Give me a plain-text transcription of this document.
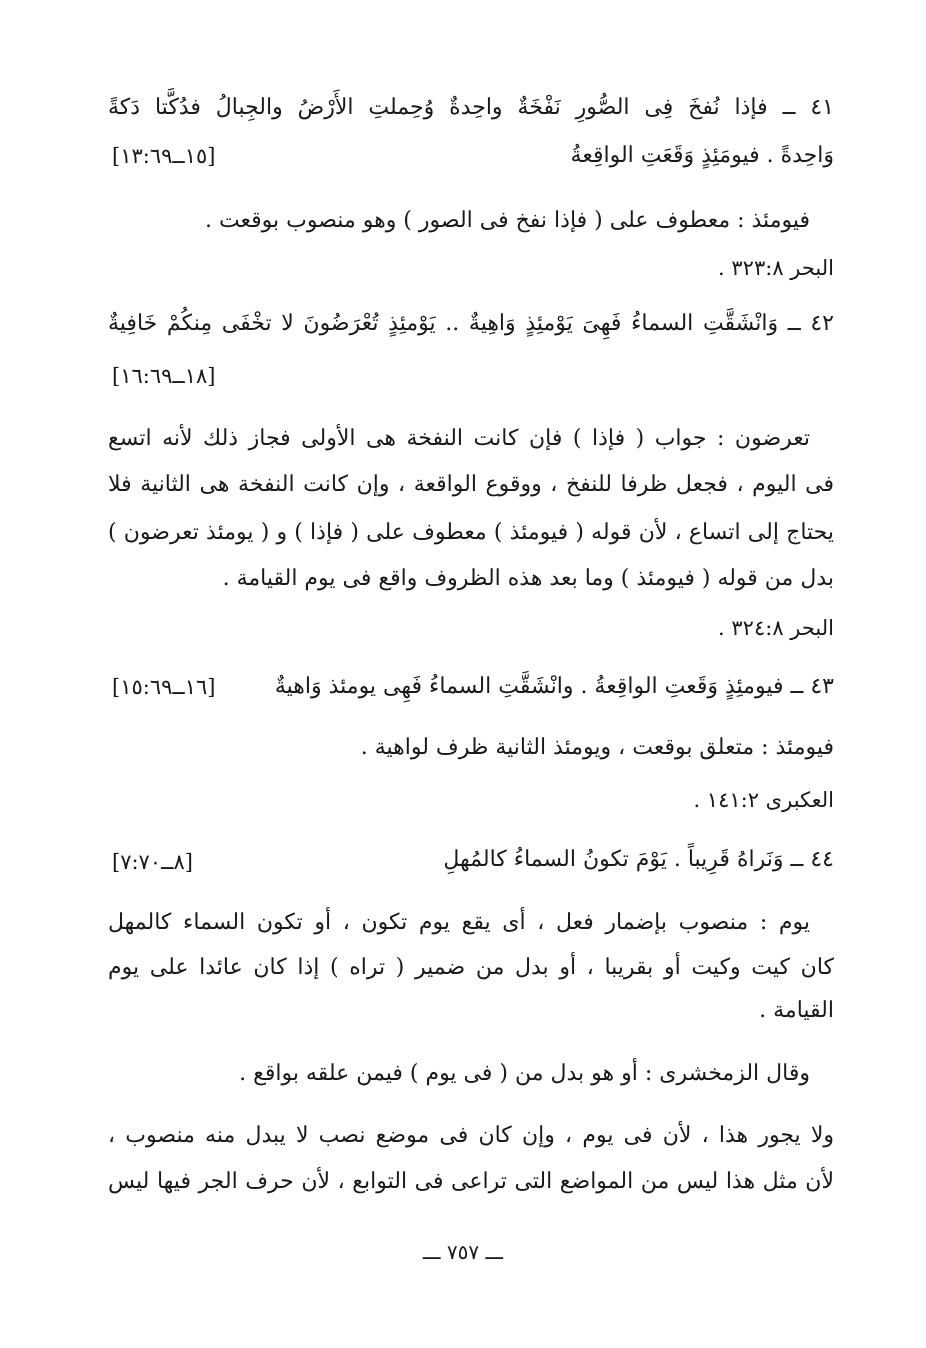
٤١ ــ فإذا نُفخَ فِى الصُّورِ نَفْخَةٌ واحِدةٌ وُحِملتِ الأَرْضُ والجِبالُ فدُكَّتا دَكةً

وَاحِدةً . فيومَئِذٍ وَقَعَتِ الواقِعةُ

[١٥ــ١٣:٦٩]

فيومئذ : معطوف على ( فإذا نفخ فى الصور ) وهو منصوب بوقعت .

البحر ٣٢٣:٨ .

٤٢ ــ وَانْشَقَّتِ السماءُ فَهِىَ يَوْمئِذٍ وَاهِيةٌ .. يَوْمئِذٍ تُعْرَضُونَ لا تخْفَى مِنكُمْ خَافِيةٌ

[١٨ــ١٦:٦٩]

تعرضون : جواب ( فإذا ) فإن كانت النفخة هى الأولى فجاز ذلك لأنه اتسع

فى اليوم ، فجعل ظرفا للنفخ ، ووقوع الواقعة ، وإن كانت النفخة هى الثانية فلا

يحتاج إلى اتساع ، لأن قوله ( فيومئذ ) معطوف على ( فإذا ) و ( يومئذ تعرضون )

بدل من قوله ( فيومئذ ) وما بعد هذه الظروف واقع فى يوم القيامة .

البحر ٣٢٤:٨ .

٤٣ ــ فيومئِذٍ وَقَعتِ الواقِعةُ . وانْشَقَّتِ السماءُ فَهِى يومئذ وَاهيةٌ

[١٦ــ١٥:٦٩]

فيومئذ : متعلق بوقعت ، ويومئذ الثانية ظرف لواهية .

العكبرى ١٤١:٢ .

٤٤ ــ وَنَراهُ قَرِيباً . يَوْمَ تكونُ السماءُ كالمُهلِ

[٨ــ٧:٧٠]

يوم : منصوب بإضمار فعل ، أى يقع يوم تكون ، أو تكون السماء كالمهل

كان كيت وكيت أو بقريبا ، أو بدل من ضمير ( تراه ) إذا كان عائدا على يوم

القيامة .

وقال الزمخشرى : أو هو بدل من ( فى يوم ) فيمن علقه بواقع .

ولا يجور هذا ، لأن فى يوم ، وإن كان فى موضع نصب لا يبدل منه منصوب ،

لأن مثل هذا ليس من المواضع التى تراعى فى التوابع ، لأن حرف الجر فيها ليس

ـــ ٧٥٧ ـــ
